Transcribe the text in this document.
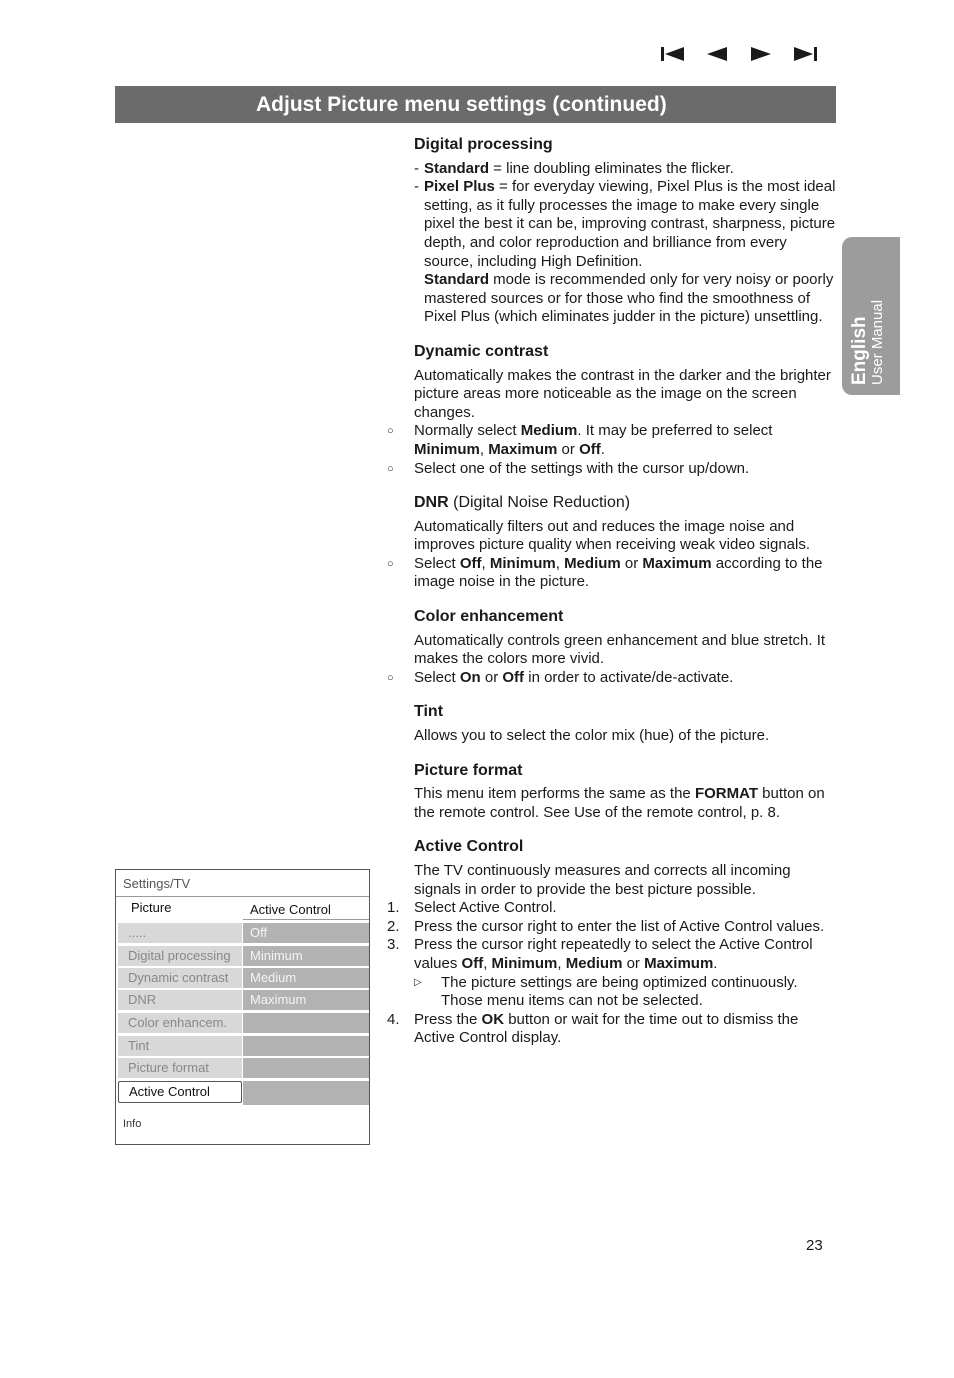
Adjust Picture menu settings (continued)
English User Manual
Digital processing
- Standard = line doubling eliminates the flicker.
- Pixel Plus = for everyday viewing, Pixel Plus is the most ideal setting, as it fully processes the image to make every single pixel the best it can be, improving contrast, sharpness, picture depth, and color reproduction and brilliance from every source, including High Definition.
Standard mode is recommended only for very noisy or poorly mastered sources or for those who find the smoothness of Pixel Plus (which eliminates judder in the picture) unsettling.
Dynamic contrast

Automatically makes the contrast in the darker and the brighter picture areas more noticeable as the image on the screen changes.

○	Normally select Medium. It may be preferred to select Minimum, Maximum or Off.
○	Select one of the settings with the cursor up/down.
DNR (Digital Noise Reduction)

Automatically filters out and reduces the image noise and improves picture quality when receiving weak video signals.

○	Select Off, Minimum, Medium or Maximum according to the image noise in the picture.
Color enhancement

Automatically controls green enhancement and blue stretch. It makes the colors more vivid.

○	Select On or Off in order to activate/de-activate.
Tint

Allows you to select the color mix (hue) of the picture.

Picture format

This menu item performs the same as the FORMAT button on the remote control. See Use of the remote control, p. 8.

Active Control

The TV continuously measures and corrects all incoming signals in order to provide the best picture possible.

1. Select Active Control.
2. Press the cursor right to enter the list of Active Control values.
3. Press the cursor right repeatedly to select the Active Control values Off, Minimum, Medium or Maximum.
▷	The picture settings are being optimized continuously. Those menu items can not be selected.
4. Press the OK button or wait for the time out to dismiss the Active Control display.
Settings/TV
Picture	Active Control
.....	Off
Digital processing	Minimum
Dynamic contrast	Medium
DNR	Maximum
Color enhancem.
Tint
Picture format
Active Control
Info
23
